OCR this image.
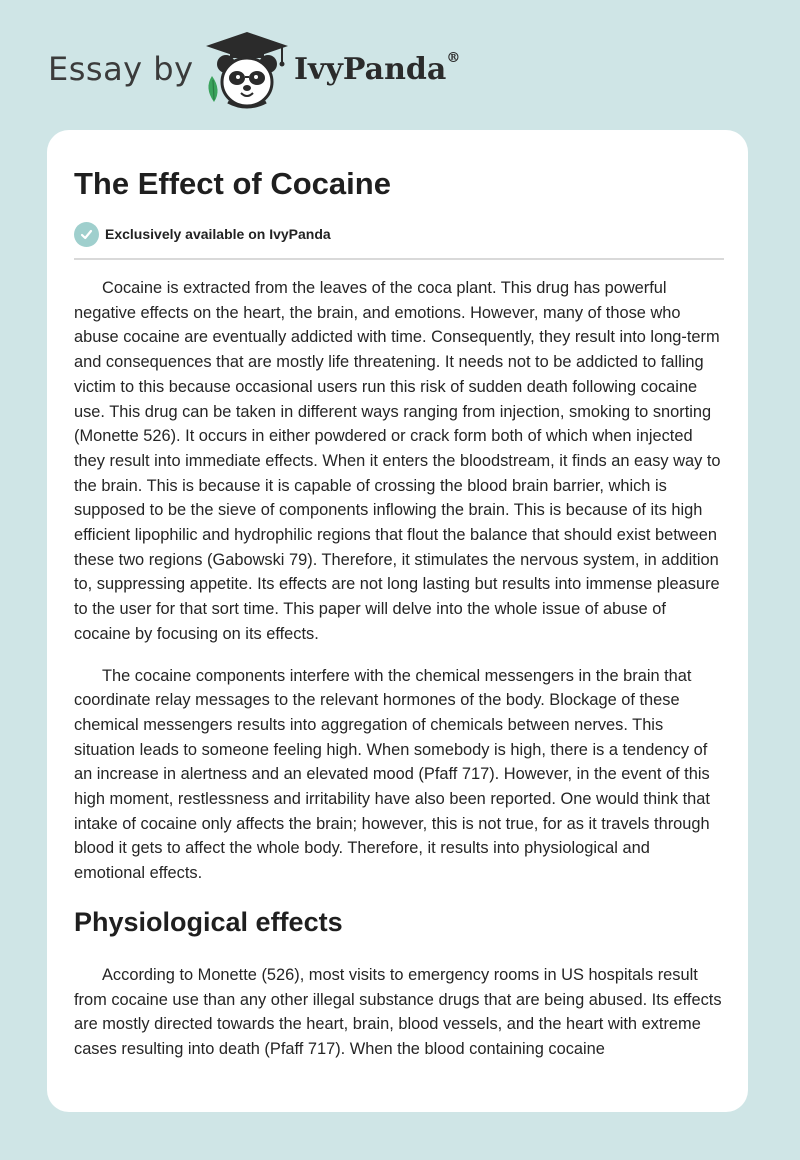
Essay by	IvyPanda®
The Effect of Cocaine
Exclusively available on IvyPanda

Cocaine is extracted from the leaves of the coca plant. This drug has powerful negative effects on the heart, the brain, and emotions. However, many of those who abuse cocaine are eventually addicted with time. Consequently, they result into long-term and consequences that are mostly life threatening. It needs not to be addicted to falling victim to this because occasional users run this risk of sudden death following cocaine use. This drug can be taken in different ways ranging from injection, smoking to snorting (Monette 526). It occurs in either powdered or crack form both of which when injected they result into immediate effects. When it enters the bloodstream, it finds an easy way to the brain. This is because it is capable of crossing the blood brain barrier, which is supposed to be the sieve of components inflowing the brain. This is because of its high efficient lipophilic and hydrophilic regions that flout the balance that should exist between these two regions (Gabowski 79). Therefore, it stimulates the nervous system, in addition to, suppressing appetite. Its effects are not long lasting but results into immense pleasure to the user for that sort time. This paper will delve into the whole issue of abuse of cocaine by focusing on its effects.

The cocaine components interfere with the chemical messengers in the brain that coordinate relay messages to the relevant hormones of the body. Blockage of these chemical messengers results into aggregation of chemicals between nerves. This situation leads to someone feeling high. When somebody is high, there is a tendency of an increase in alertness and an elevated mood (Pfaff 717). However, in the event of this high moment, restlessness and irritability have also been reported. One would think that intake of cocaine only affects the brain; however, this is not true, for as it travels through blood it gets to affect the whole body. Therefore, it results into physiological and emotional effects.

Physiological effects

According to Monette (526), most visits to emergency rooms in US hospitals result from cocaine use than any other illegal substance drugs that are being abused. Its effects are mostly directed towards the heart, brain, blood vessels, and the heart with extreme cases resulting into death (Pfaff 717). When the blood containing cocaine
